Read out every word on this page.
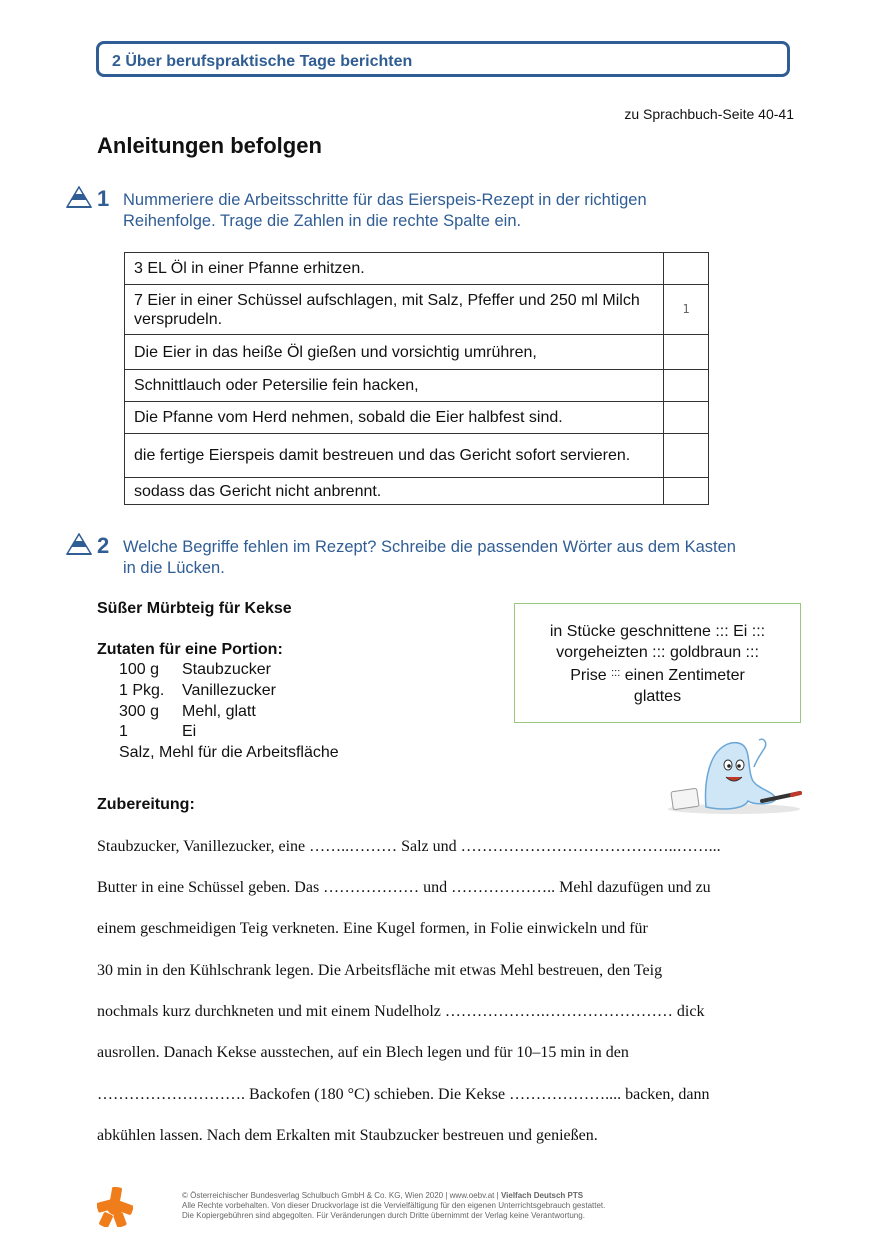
2 Über berufspraktische Tage berichten
zu Sprachbuch-Seite 40-41
Anleitungen befolgen
1 Nummeriere die Arbeitsschritte für das Eierspeis-Rezept in der richtigen
Reihenfolge. Trage die Zahlen in die rechte Spalte ein.
3 EL Öl in einer Pfanne erhitzen.	
7 Eier in einer Schüssel aufschlagen, mit Salz, Pfeffer und 250 ml Milch versprudeln.	1
Die Eier in das heiße Öl gießen und vorsichtig umrühren,	
Schnittlauch oder Petersilie fein hacken,	
Die Pfanne vom Herd nehmen, sobald die Eier halbfest sind.	
die fertige Eierspeis damit bestreuen und das Gericht sofort servieren.	
sodass das Gericht nicht anbrennt.	
2 Welche Begriffe fehlen im Rezept? Schreibe die passenden Wörter aus dem Kasten
in die Lücken.
Süßer Mürbteig für Kekse
Zutaten für eine Portion:
100 g Staubzucker
1 Pkg. Vanillezucker
300 g Mehl, glatt
1	Ei
Salz, Mehl für die Arbeitsfläche
in Stücke geschnittene ::: Ei :::
vorgeheizten ::: goldbraun :::
Prise ::: einen Zentimeter
glattes
Zubereitung:
Staubzucker, Vanillezucker, eine ……..……… Salz und …………………………………..……...
Butter in eine Schüssel geben. Das ……………… und ……………….. Mehl dazufügen und zu
einem geschmeidigen Teig verkneten. Eine Kugel formen, in Folie einwickeln und für
30 min in den Kühlschrank legen. Die Arbeitsfläche mit etwas Mehl bestreuen, den Teig
nochmals kurz durchkneten und mit einem Nudelholz ……………….…………………… dick
ausrollen. Danach Kekse ausstechen, auf ein Blech legen und für 10–15 min in den
………………………. Backofen (180 °C) schieben. Die Kekse ……………….... backen, dann
abkühlen lassen. Nach dem Erkalten mit Staubzucker bestreuen und genießen.
© Österreichischer Bundesverlag Schulbuch GmbH & Co. KG, Wien 2020 | www.oebv.at | Vielfach Deutsch PTS
Alle Rechte vorbehalten. Von dieser Druckvorlage ist die Vervielfältigung für den eigenen Unterrichtsgebrauch gestattet.
Die Kopiergebühren sind abgegolten. Für Veränderungen durch Dritte übernimmt der Verlag keine Verantwortung.
